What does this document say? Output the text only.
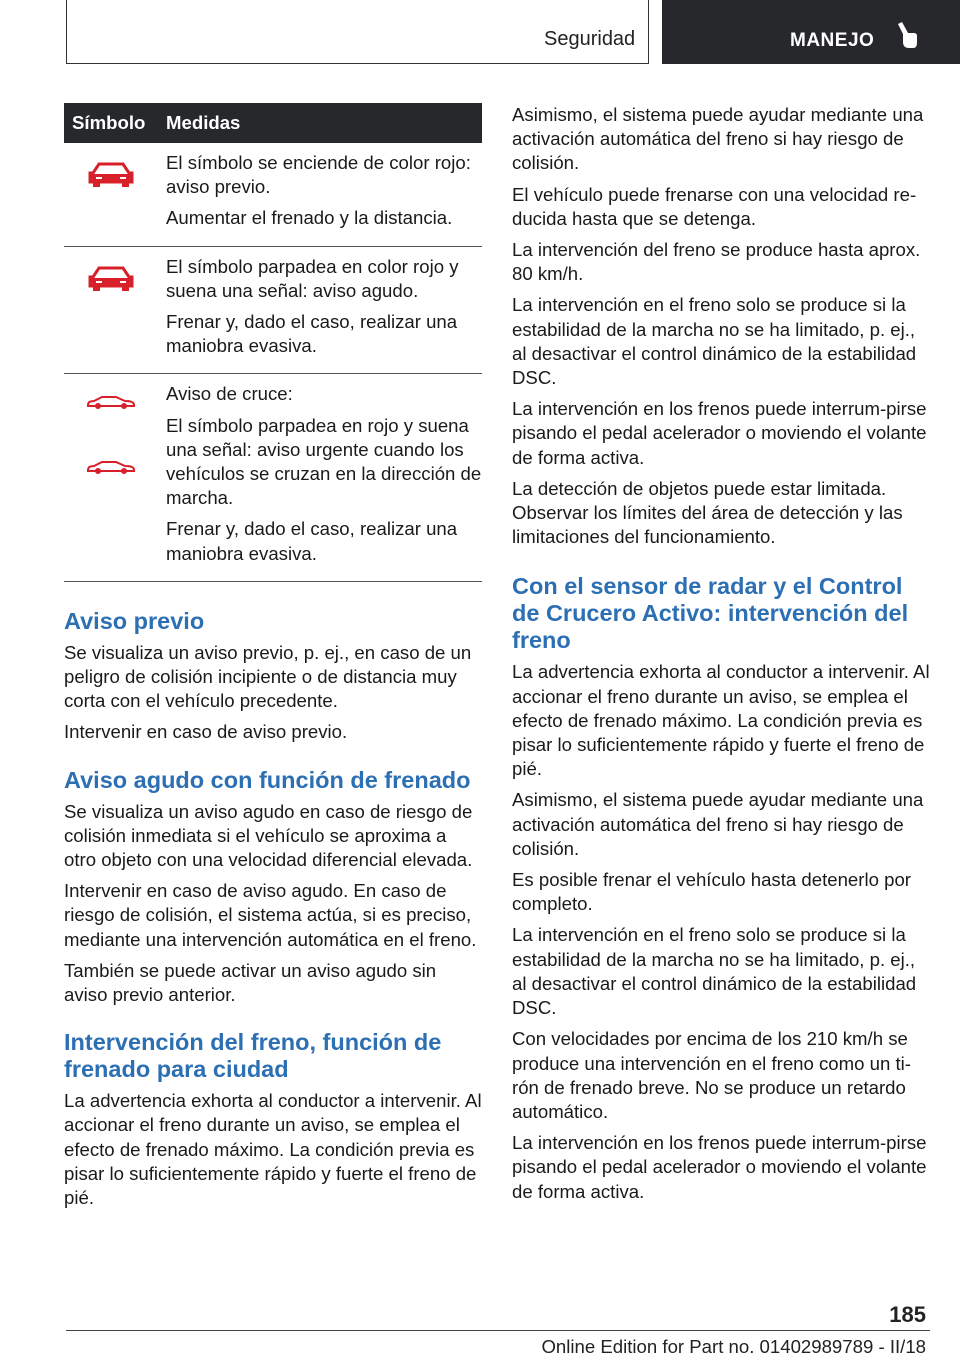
Seguridad	MANEJO
Símbolo	Medidas

El símbolo se enciende de color rojo: aviso previo.

Aumentar el frenado y la distancia.

El símbolo parpadea en color rojo y suena una señal: aviso agudo.

Frenar y, dado el caso, realizar una maniobra evasiva.

Aviso de cruce:

El símbolo parpadea en rojo y suena una señal: aviso urgente cuando los vehículos se cruzan en la dirección de marcha.

Frenar y, dado el caso, realizar una maniobra evasiva.

Aviso previo

Se visualiza un aviso previo, p. ej., en caso de un peligro de colisión incipiente o de distancia muy corta con el vehículo precedente.

Intervenir en caso de aviso previo.

Aviso agudo con función de frenado

Se visualiza un aviso agudo en caso de riesgo de colisión inmediata si el vehículo se aproxima a otro objeto con una velocidad diferencial elevada.

Intervenir en caso de aviso agudo. En caso de riesgo de colisión, el sistema actúa, si es preciso, mediante una intervención automática en el freno.

También se puede activar un aviso agudo sin aviso previo anterior.

Intervención del freno, función de frenado para ciudad

La advertencia exhorta al conductor a intervenir. Al accionar el freno durante un aviso, se emplea el efecto de frenado máximo. La condición previa es pisar lo suficientemente rápido y fuerte el freno de pié.

Asimismo, el sistema puede ayudar mediante una activación automática del freno si hay riesgo de colisión.

El vehículo puede frenarse con una velocidad re-ducida hasta que se detenga.

La intervención del freno se produce hasta aprox. 80 km/h.

La intervención en el freno solo se produce si la estabilidad de la marcha no se ha limitado, p. ej., al desactivar el control dinámico de la estabilidad DSC.

La intervención en los frenos puede interrum-pirse pisando el pedal acelerador o moviendo el volante de forma activa.

La detección de objetos puede estar limitada. Observar los límites del área de detección y las limitaciones del funcionamiento.

Con el sensor de radar y el Control de Crucero Activo: intervención del freno

La advertencia exhorta al conductor a intervenir. Al accionar el freno durante un aviso, se emplea el efecto de frenado máximo. La condición previa es pisar lo suficientemente rápido y fuerte el freno de pié.

Asimismo, el sistema puede ayudar mediante una activación automática del freno si hay riesgo de colisión.

Es posible frenar el vehículo hasta detenerlo por completo.

La intervención en el freno solo se produce si la estabilidad de la marcha no se ha limitado, p. ej., al desactivar el control dinámico de la estabilidad DSC.

Con velocidades por encima de los 210 km/h se produce una intervención en el freno como un ti-rón de frenado breve. No se produce un retardo automático.

La intervención en los frenos puede interrum-pirse pisando el pedal acelerador o moviendo el volante de forma activa.

185
Online Edition for Part no. 01402989789 - II/18
